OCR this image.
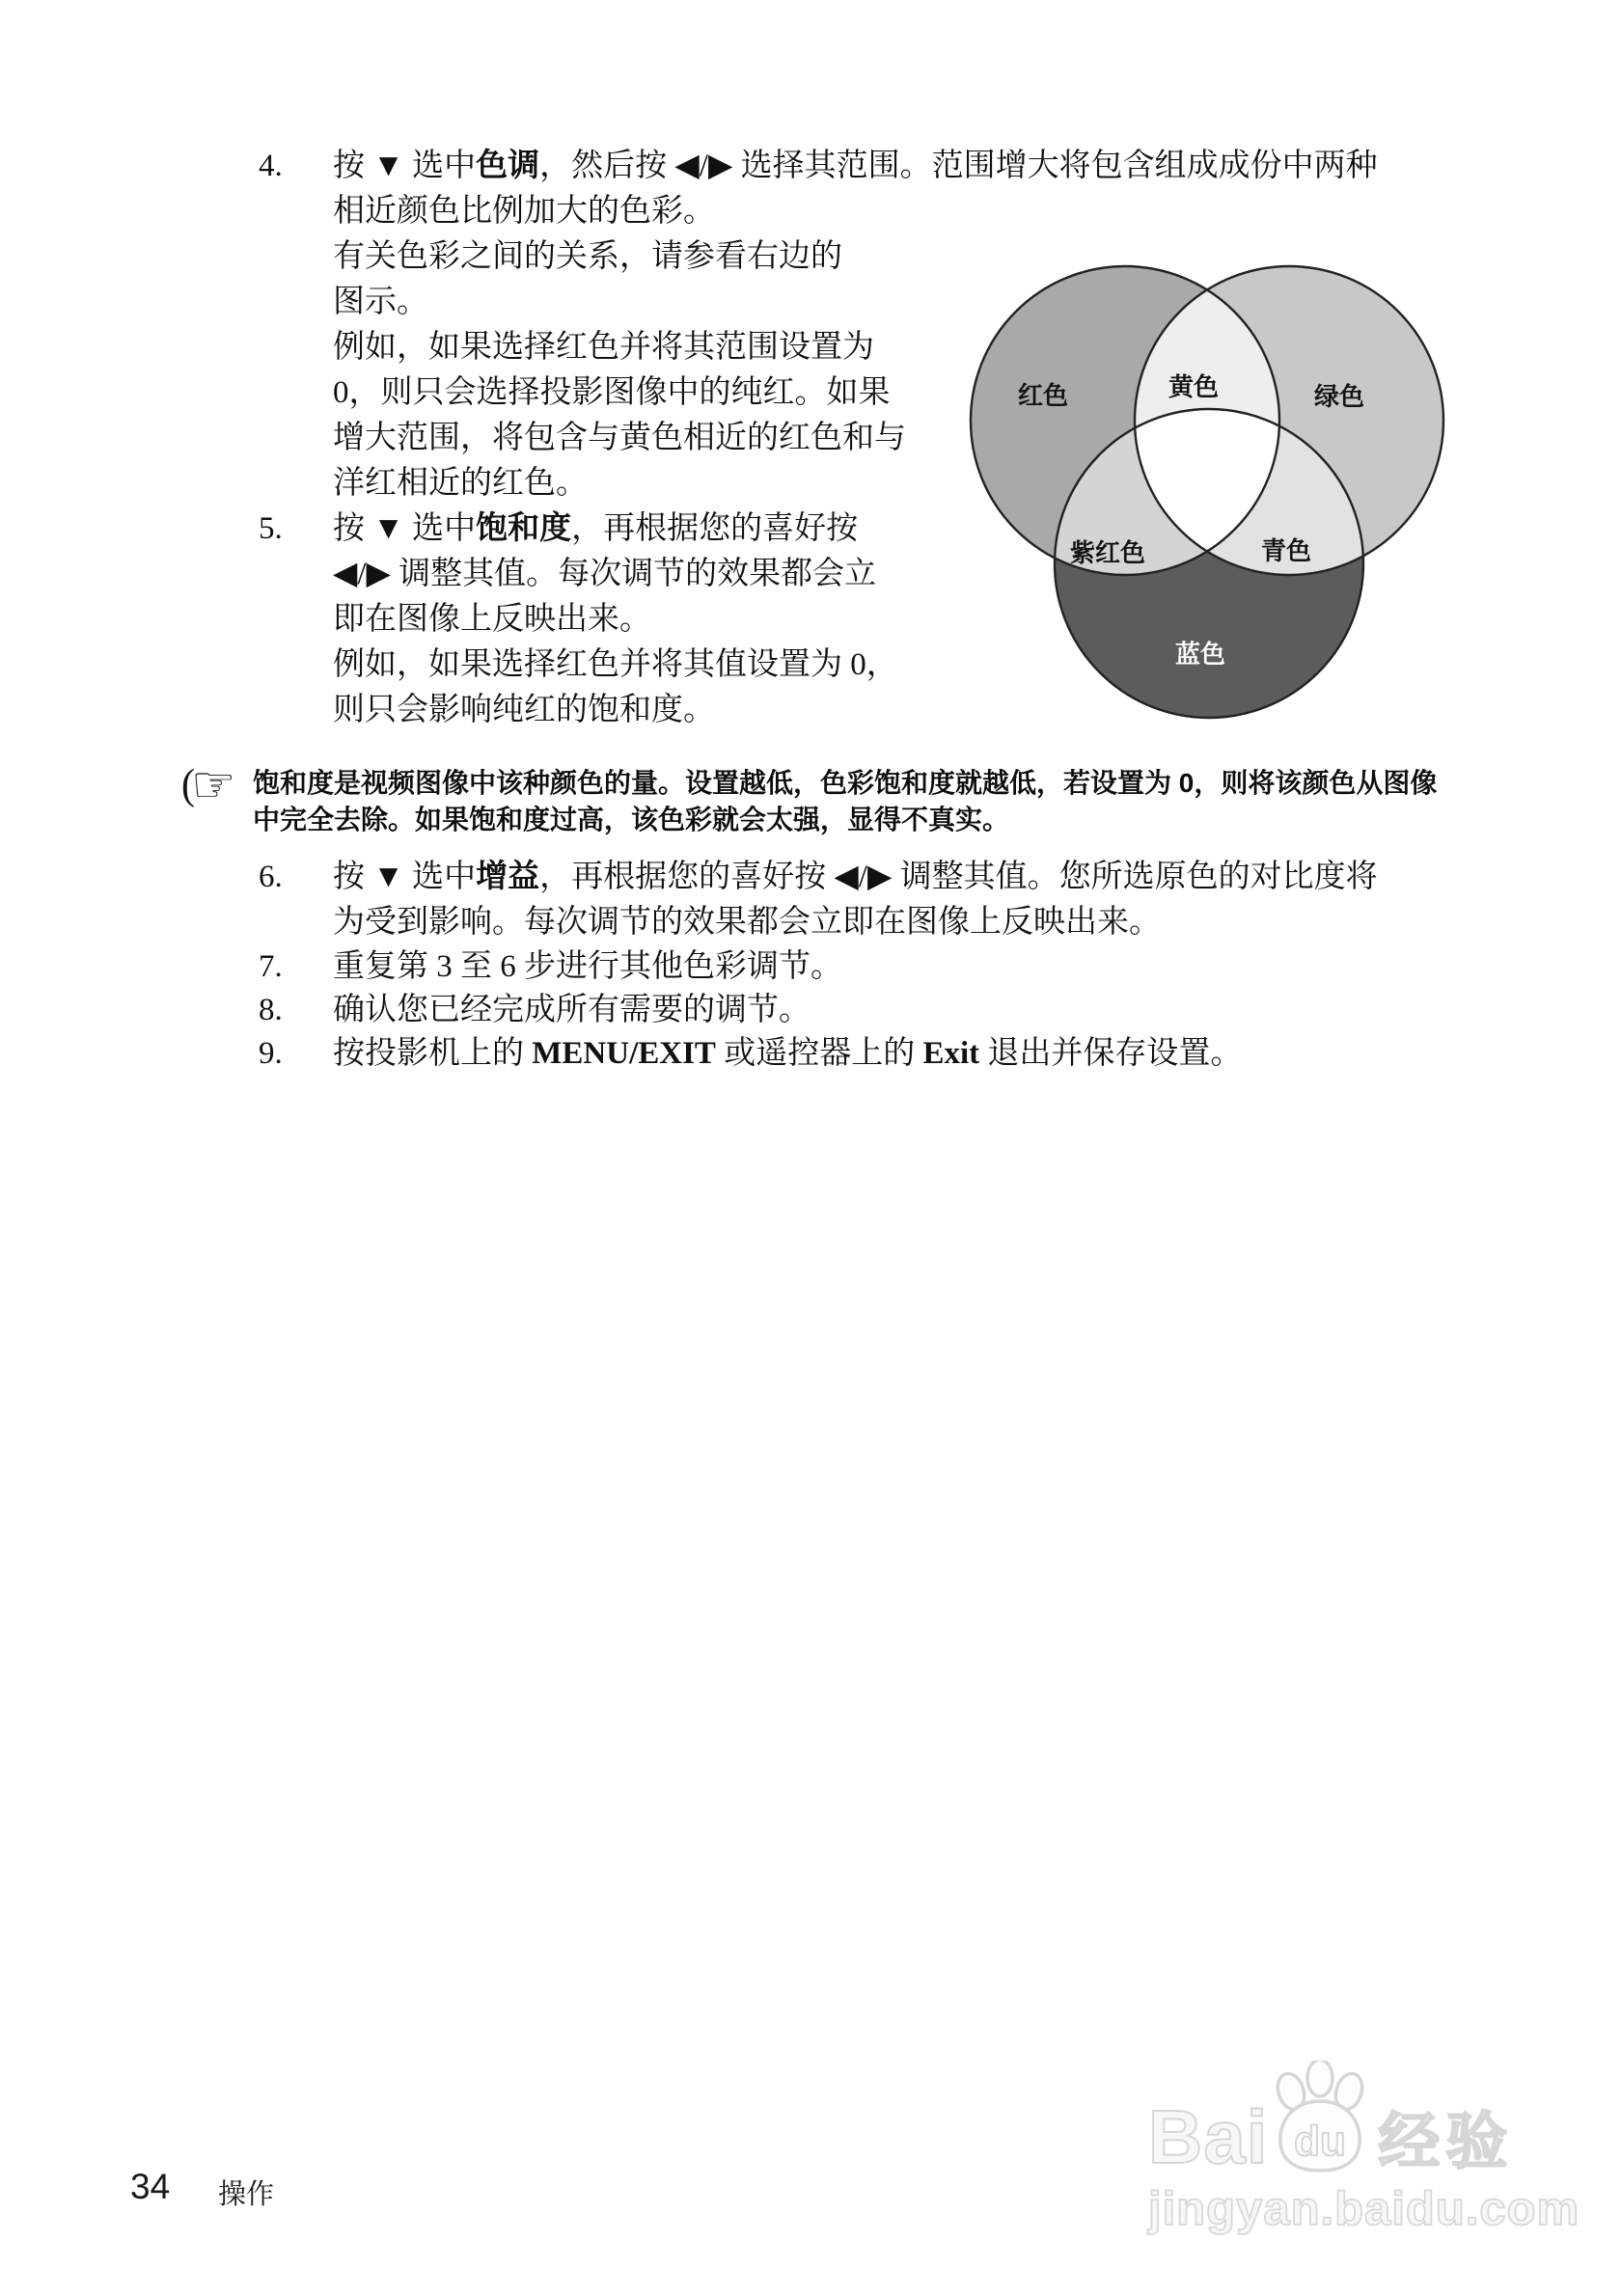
4. 按 ▼ 选中色调，然后按 ◀/▶ 选择其范围。范围增大将包含组成成份中两种
相近颜色比例加大的色彩。
有关色彩之间的关系，请参看右边的
图示。
例如，如果选择红色并将其范围设置为
0，则只会选择投影图像中的纯红。如果
增大范围，将包含与黄色相近的红色和与
洋红相近的红色。
5. 按 ▼ 选中饱和度，再根据您的喜好按
◀/▶ 调整其值。每次调节的效果都会立
即在图像上反映出来。
例如，如果选择红色并将其值设置为 0，
则只会影响纯红的饱和度。
(
☞ 饱和度是视频图像中该种颜色的量。设置越低，色彩饱和度就越低，若设置为 0，则将该颜色从图像
中完全去除。如果饱和度过高，该色彩就会太强，显得不真实。
6. 按 ▼ 选中增益，再根据您的喜好按 ◀/▶ 调整其值。您所选原色的对比度将
为受到影响。每次调节的效果都会立即在图像上反映出来。
7. 重复第 3 至 6 步进行其他色彩调节。
8. 确认您已经完成所有需要的调节。
9. 按投影机上的 MENU/EXIT 或遥控器上的 Exit 退出并保存设置。
红色	黄色	绿色
紫红色	青色
蓝色
34 操作
Bai du 经验
jingyan.baidu.com
